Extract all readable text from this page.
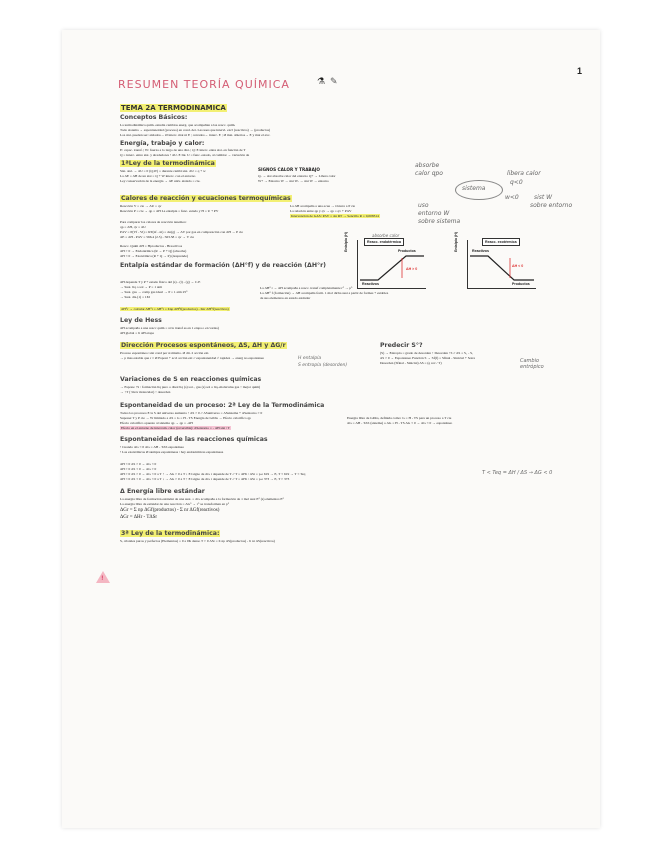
1
RESUMEN TEORÍA QUÍMICA	⚗ ✎
TEMA 2A TERMODINAMICA
Conceptos Básicos:
La termodinámica quím. estudia cambios energ. que acompañan a las reacc. quím.
Todo sistema → espontaneidad (proceso) en cond. det. Las uses que intervi. excl (reactivos) → (productos)
Los sist. pueden ser: aislados→ Ø interc. mat ni E ; cerrados→ interc. E ; Ø mat. abiertos→ E y mat el exc.
Energía, trabajo y calor:
E: capac. transf. | W: fuerza a lo largo de una dist. | Q: E interc. entre sist. en función de T
Q = interc. entre sist. y alrededores • ΔU. E Int. U = func. estado, al cambiar → variación de
1ªLey de la termodinámica
Sist. aisl. → ΔU = 0 (Q,W) = durante cambi sist. ΔU = q + w
La ΔE = ΔH de un sist = Q + W interc. con el entorno
Ley conservación de la energía → ΔE univ. aislado = cte.
SIGNOS CALOR Y TRABAJO
Q- → sist absorbe calor del entorno Q+ → Libera calor
W+ → Entorno W → sist W- → sist W → entorno
absorbe
calor qpo	libera calor
q<0
sistema
w<0	sist W
sobre entorno
uso
entorno W
sobre sistema
Calores de reacción y ecuaciones termoquímicas
Reacción V = cte → ΔU = qv
Reacción P = cte → qp = ΔH La entalpía = func. estado y H = U + PV
La ΔH acompaña a una ecua → Ocurre a P cte
La relación entre qp y qv → qp = qv + PΔV
Intervención de GAS: PΔV = Δn RT → Sencillo R = 0,008314
Para comparar los calores de reacción tenemos:
qp = ΔH, qv = ΔU
PΔV = P(Vf - Vi) = RT(nf - ni) = Δn(g) → ΔV por gas en comparación con ΔH → P cte
ΔE = ΔH - PΔV = 566.4 (2.5) - 563.58 = qv → V cte
Reacc. Quím ΔH = Hproductos - Hreactivos
ΔH > 0 → Endotérmica (R → P + Q) (absorbe)
ΔH < 0 → Exotérmica (R + Q → P) (desprende)
absorbe calor
Reacc. endotérmica
Productos
Reactivos
ΔH > 0
Entalpía (H)	Reacc. exotérmica
Reactivos
Productos
ΔH < 0
Entalpía (H)
Entalpía estándar de formación (ΔH°f) y de reacción (ΔH°r)
ΔH depende T y P + estado físico del (s) - (l) - (g) → C.E
→ Sust. liq o sol → P = 1 atm
→ Sust. gas → comp gas ideal → P = 1 atm 25°
→ Sust. dis.(1) = 1M
La ΔH° r → ΔH acompaña a reacc. transf completamente r° → p°
La ΔH° f (formación) → ΔH acompaña form. 1 mol dicha sust a partir de formas + estables
de sus elementos en estado estándar
ΔH°r → calcular ΔH°r = ΔH°r = Σnp ΔH°f(productos) - Σnr ΔH°f(reactivos)
Ley de Hess
ΔH acompaña a una reacc quim = si la transf es en 1 etapa o en varias)
ΔH global = Σ ΔH etapa
Dirección Procesos espontáneos, ΔS, ΔH y ΔG/r	Predecir S°?
Proceso espontáneo: sist cond per si mismo. Ø dir. 2 acción ext.
→ p mas estable que r // Ø Espont + acci acción ext // espontaneidad ≠ rapidez → energ no espontaneo
(S) → Entropía = grado de desorden ↑ Desorden ↑S // ΔS = S₂ - S₁
ΔS > 0 → Espontaneo Función S → Sf(f) = Sfinal - Sinicial + Sotra
Desorden (Sfinal - Sinicial) ΔS = (q rev / T)
H entalpía
S entropía (desorden)
Cambio entrópico
Variaciones de S en reacciones químicas
→ Espone ↑S : formación liq puro o disol liq (s) sol. , gas (s) sol o liq.-moléculas gas ↑ mejor quím)
→ ↑T (↑mov molecular) ↑ desorden
Espontaneidad de un proceso: 2ª Ley de la Termodinámica
Todos los procesos E la S del universo aumenta ↑ ΔS > 0 // ΔSuniverso = ΔSsistema + ΔSentorno > 0
Suponer T y P cte → W limitado a ΔS = G = H - TS Energía de Gibbs → Efecto calorífico qp
Efecto calorífico opuesto al sistema qp → qp = -ΔH
Efecto en el entorno de intercam. calor (reversible): ΔSentorno = - ΔH sist / T
Energía libre de Gibbs, definida como: G = H - TS para un proceso a T cte
ΔG = ΔH - TΔS (sistema) o ΔG = H - TS ΔG < 0 → ΔG < 0 → espontáneo
Espontaneidad de las reacciones químicas
• Cuando ΔG < 0 ΔG = ΔH - TΔS espontáneo
• Las exotérmicas Ø siempre espontáneas / hay endotérmicas espontáneas
!
ΔH < 0 ΔS > 0 → ΔG < 0
ΔH > 0 ΔS < 0 → ΔG > 0
ΔH > 0 ΔS > 0 → ΔG < 0 a T ↑ → ΔG > 0 a T ↓ El signo de ΔG r depende de T // T = ΔHr / ΔSr = p.e 619 → E, T < 619 → T < Teq
ΔH < 0 ΔS < 0 → ΔG < 0 a T ↓ → ΔG > 0 a T ↑ El signo de ΔG r depende de T // T = ΔHr / ΔSr = p.e 373 → E, T > 373
T < Teq = ΔH / ΔS → ΔG < 0
Δ Energía libre estándar
La energía libre de formación estándar de una sust. = ΔG acompaña a la formación de 1 mol sust E° (s) elementos E°
La energía libre de estándar de una reacción = ΔG° → r° se transforman en p°
ΔGr = Σ np ΔGf(productos) - Σ nr ΔGf(reactivos)
ΔGr = ΔHr - TΔSr
3ª Ley de la termodinámica:
S, cristales puros y perfectos (Elementos) = 0 a 0K denso T > 0 ΔSr = Σ np ΔS(productos) - Σ nr ΔS(reactivos)
